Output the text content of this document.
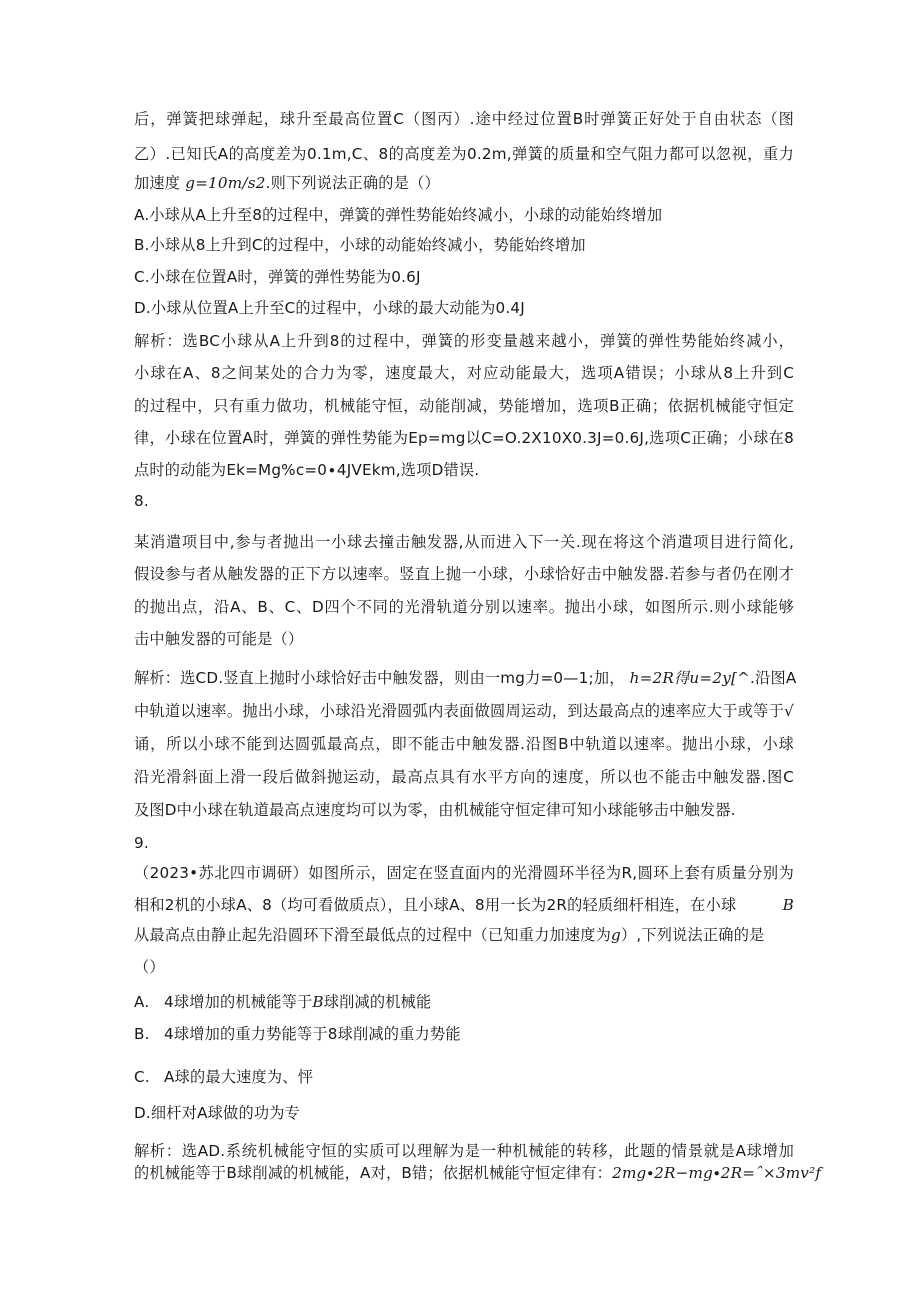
后，弹簧把球弹起，球升至最高位置C（图丙）.途中经过位置B时弹簧正好处于自由状态（图
乙）.已知氏A的高度差为0.1m,C、8的高度差为0.2m,弹簧的质量和空气阻力都可以忽视，重力
加速度 g=10m∕s2.则下列说法正确的是（）
A.小球从A上升至8的过程中，弹簧的弹性势能始终减小，小球的动能始终增加
B.小球从8上升到C的过程中，小球的动能始终减小，势能始终增加
C.小球在位置A时，弹簧的弹性势能为0.6J
D.小球从位置A上升至C的过程中，小球的最大动能为0.4J
解析：选BC小球从A上升到8的过程中，弹簧的形变量越来越小，弹簧的弹性势能始终减小，
小球在A、8之间某处的合力为零，速度最大，对应动能最大，选项A错误；小球从8上升到C
的过程中，只有重力做功，机械能守恒，动能削减，势能增加，选项B正确；依据机械能守恒定
律，小球在位置A时，弹簧的弹性势能为Ep=mg以C=O.2X10X0.3J=0.6J,选项C正确；小球在8
点时的动能为Ek=Mg%c=0∙4JVEkm,选项D错误.
8.
某消遣项目中,参与者抛出一小球去撞击触发器,从而进入下一关.现在将这个消遣项目进行简化,
假设参与者从触发器的正下方以速率。竖直上抛一小球，小球恰好击中触发器.若参与者仍在刚才
的抛出点，沿A、B、C、D四个不同的光滑轨道分别以速率。抛出小球，如图所示.则小球能够
击中触发器的可能是（）
解析：选CD.竖直上抛时小球恰好击中触发器，则由一mg力=0—1;加， h=2R得u=2y[^.沿图A
中轨道以速率。抛出小球，小球沿光滑圆弧内表面做圆周运动，到达最高点的速率应大于或等于√
诵，所以小球不能到达圆弧最高点，即不能击中触发器.沿图B中轨道以速率。抛出小球，小球
沿光滑斜面上滑一段后做斜抛运动，最高点具有水平方向的速度，所以也不能击中触发器.图C
及图D中小球在轨道最高点速度均可以为零，由机械能守恒定律可知小球能够击中触发器.
9.
（2023•苏北四市调研）如图所示，固定在竖直面内的光滑圆环半径为R,圆环上套有质量分别为
相和2机的小球A、8（均可看做质点），且小球A、8用一长为2R的轻质细杆相连，在小球	B
从最高点由静止起先沿圆环下滑至最低点的过程中（已知重力加速度为g）,下列说法正确的是
（）
A. 4球增加的机械能等于B球削减的机械能
B. 4球增加的重力势能等于8球削减的重力势能
C. A球的最大速度为、怦
D.细杆对A球做的功为专
解析：选AD.系统机械能守恒的实质可以理解为是一种机械能的转移，此题的情景就是A球增加
的机械能等于B球削减的机械能，A对，B错；依据机械能守恒定律有：2mg∙2R−mg∙2R=ˆ×3mv²f
